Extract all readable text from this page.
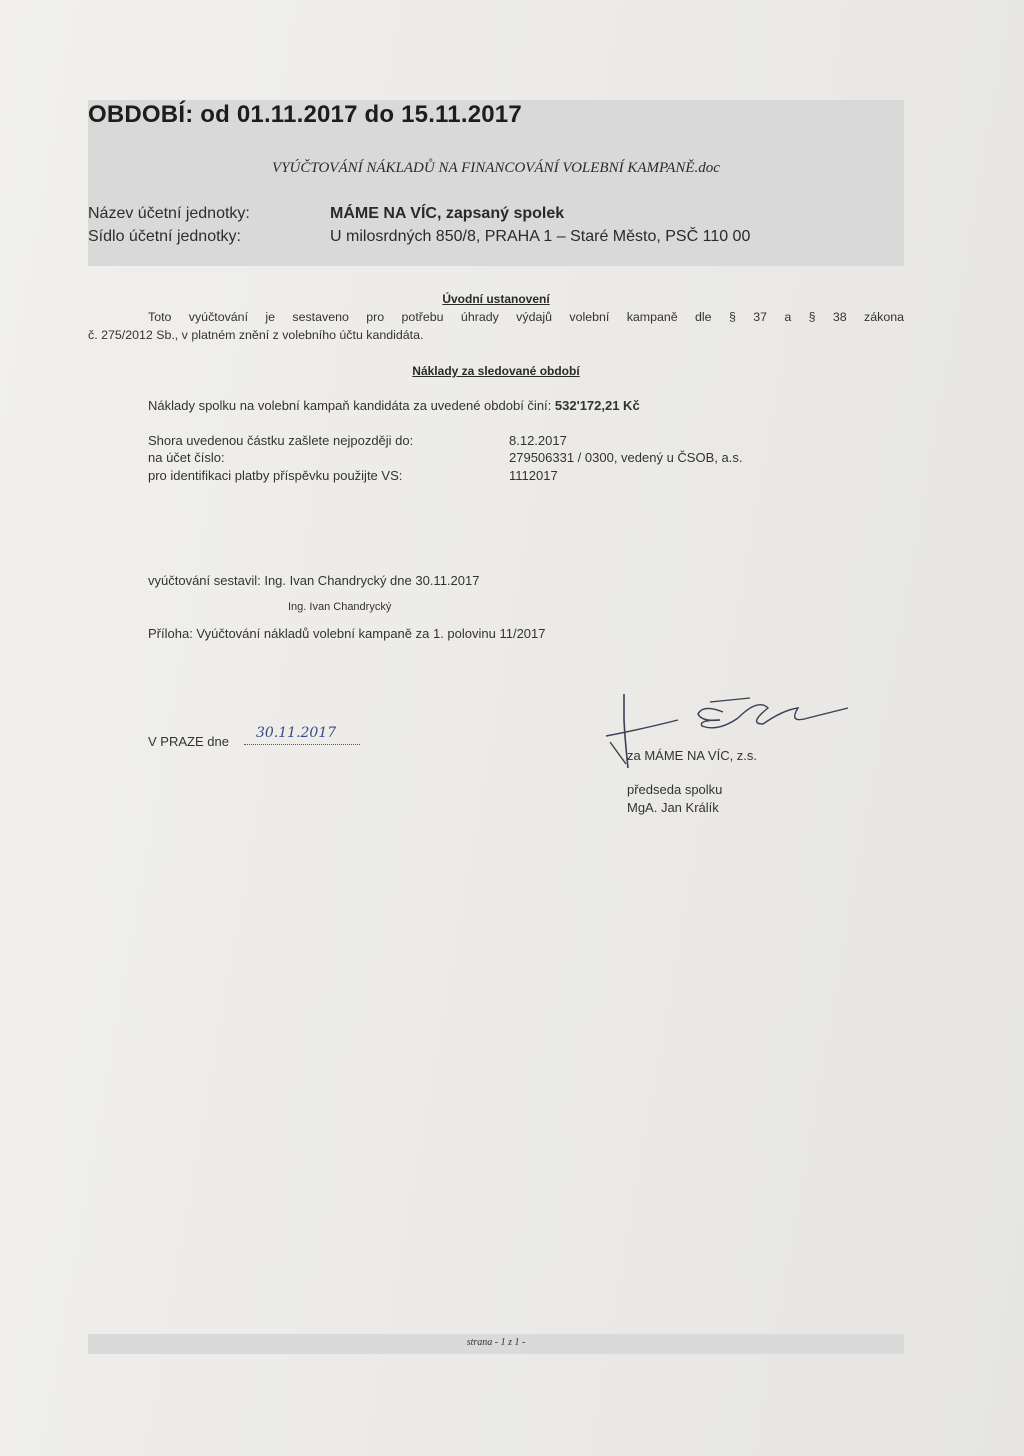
OBDOBÍ: od 01.11.2017 do 15.11.2017
VYÚČTOVÁNÍ NÁKLADŮ NA FINANCOVÁNÍ VOLEBNÍ KAMPANĚ.doc
Název účetní jednotky:	MÁME NA VÍC, zapsaný spolek
Sídlo účetní jednotky:	U milosrdných 850/8, PRAHA 1 – Staré Město, PSČ 110 00
Úvodní ustanovení
Toto vyúčtování je sestaveno pro potřebu úhrady výdajů volební kampaně dle § 37 a § 38 zákona
č. 275/2012 Sb., v platném znění z volebního účtu kandidáta.
Náklady za sledované období
Náklady spolku na volební kampaň kandidáta za uvedené období činí: 532'172,21 Kč
Shora uvedenou částku zašlete nejpozději do:	8.12.2017
na účet číslo:	279506331 / 0300, vedený u ČSOB, a.s.
pro identifikaci platby příspěvku použijte VS:	1112017
vyúčtování sestavil: Ing. Ivan Chandrycký dne 30.11.2017
Ing. Ivan Chandrycký
Příloha: Vyúčtování nákladů volební kampaně za 1. polovinu 11/2017
V PRAZE dne
30.11.2017
za MÁME NA VÍC, z.s.
předseda spolku
MgA. Jan Králík
strana - 1 z 1 -
